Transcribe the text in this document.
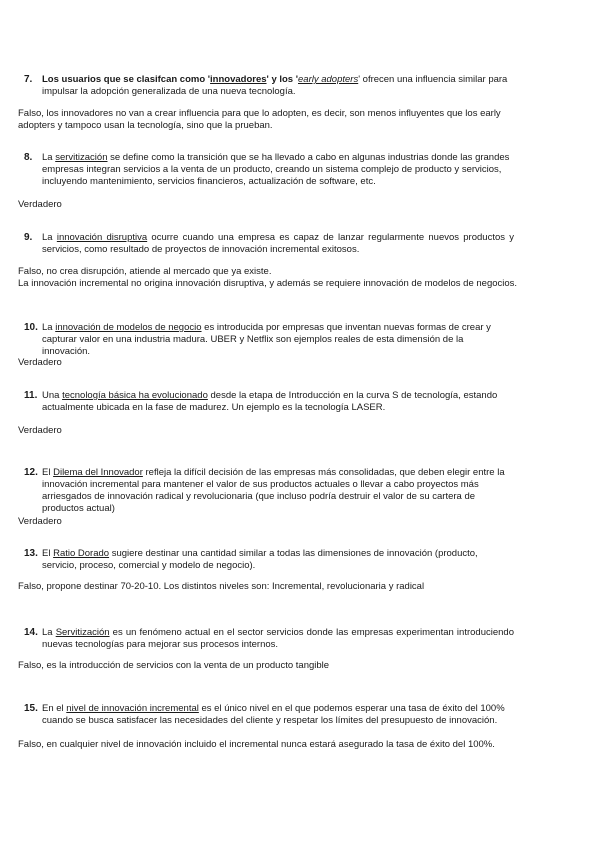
7.	Los usuarios que se clasifcan como 'innovadores' y los 'early adopters' ofrecen una influencia similar para impulsar la adopción generalizada de una nueva tecnología.
Falso, los innovadores no van a crear influencia para que lo adopten, es decir, son menos influyentes que los early adopters y tampoco usan la tecnología, sino que la prueban.
8.	La servitización se define como la transición que se ha llevado a cabo en algunas industrias donde las grandes empresas integran servicios a la venta de un producto, creando un sistema complejo de producto y servicios, incluyendo mantenimiento, servicios financieros, actualización de software, etc.
Verdadero
9.	La innovación disruptiva ocurre cuando una empresa es capaz de lanzar regularmente nuevos productos y servicios, como resultado de proyectos de innovación incremental exitosos.
Falso, no crea disrupción, atiende al mercado que ya existe.
La innovación incremental no origina innovación disruptiva, y además se requiere innovación de modelos de negocios.
10. La innovación de modelos de negocio es introducida por empresas que inventan nuevas formas de crear y capturar valor en una industria madura. UBER y Netflix son ejemplos reales de esta dimensión de la innovación.
Verdadero
11. Una tecnología básica ha evolucionado desde la etapa de Introducción en la curva S de tecnología, estando actualmente ubicada en la fase de madurez. Un ejemplo es la tecnología LASER.
Verdadero
12. El Dilema del Innovador refleja la difícil decisión de las empresas más consolidadas, que deben elegir entre la innovación incremental para mantener el valor de sus productos actuales o llevar a cabo proyectos más arriesgados de innovación radical y revolucionaria (que incluso podría destruir el valor de su cartera de productos actual)
Verdadero
13. El Ratio Dorado sugiere destinar una cantidad similar a todas las dimensiones de innovación (producto, servicio, proceso, comercial y modelo de negocio).
Falso, propone destinar 70-20-10. Los distintos niveles son: Incremental, revolucionaria y radical
14. La Servitización es un fenómeno actual en el sector servicios donde las empresas experimentan introduciendo nuevas tecnologías para mejorar sus procesos internos.
Falso, es la introducción de servicios con la venta de un producto tangible
15. En el nivel de innovación incremental es el único nivel en el que podemos esperar una tasa de éxito del 100% cuando se busca satisfacer las necesidades del cliente y respetar los límites del presupuesto de innovación.
Falso, en cualquier nivel de innovación incluido el incremental nunca estará asegurado la tasa de éxito del 100%.
